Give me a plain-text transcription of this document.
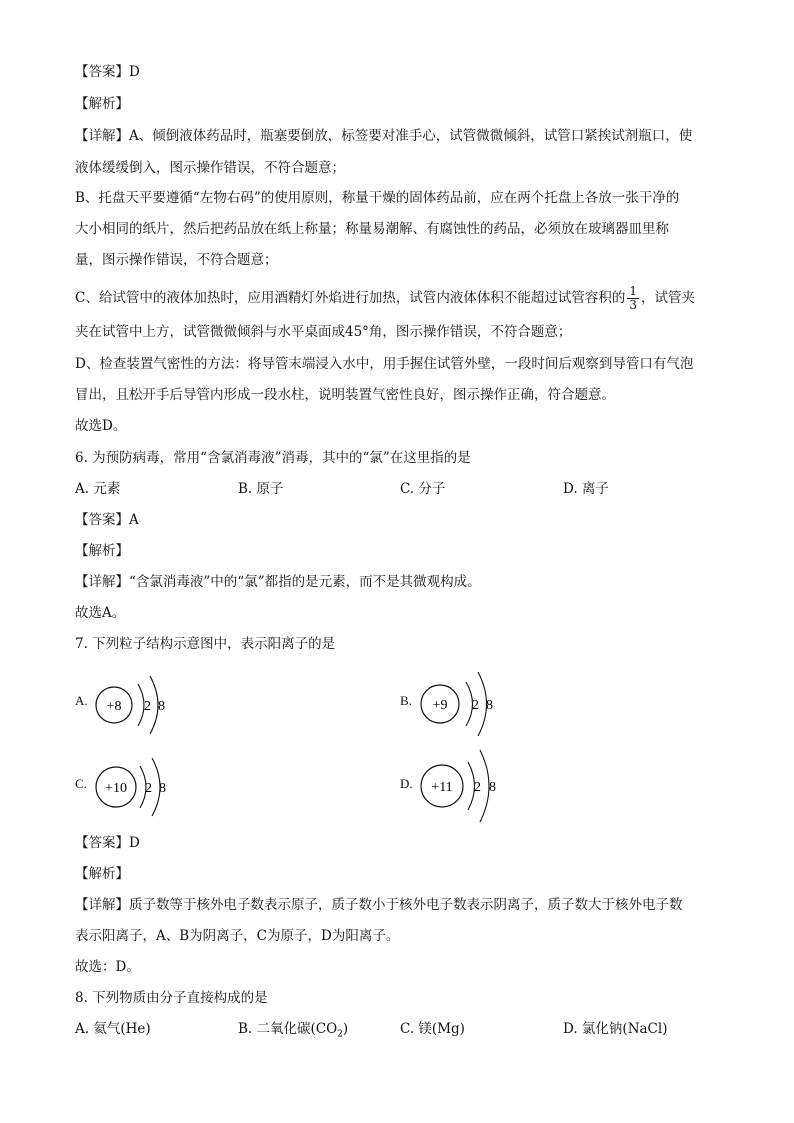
【答案】D
【解析】
【详解】A、倾倒液体药品时，瓶塞要倒放，标签要对准手心，试管微微倾斜，试管口紧挨试剂瓶口，使
液体缓缓倒入，图示操作错误，不符合题意；
B、托盘天平要遵循“左物右码”的使用原则，称量干燥的固体药品前，应在两个托盘上各放一张干净的
大小相同的纸片，然后把药品放在纸上称量；称量易潮解、有腐蚀性的药品，必须放在玻璃器皿里称
量，图示操作错误，不符合题意；
C、给试管中的液体加热时，应用酒精灯外焰进行加热，试管内液体体积不能超过试管容积的 $\frac{1}{3}$ ，试管夹
夹在试管中上方，试管微微倾斜与水平桌面成45°角，图示操作错误，不符合题意；
D、检查装置气密性的方法：将导管末端浸入水中，用手握住试管外壁，一段时间后观察到导管口有气泡
冒出，且松开手后导管内形成一段水柱，说明装置气密性良好，图示操作正确，符合题意。
故选D。
6. 为预防病毒，常用“含氯消毒液”消毒，其中的“氯”在这里指的是
A. 元素	B. 原子	C. 分子	D. 离子
【答案】A
【解析】
【详解】“含氯消毒液”中的“氯”都指的是元素，而不是其微观构成。
故选A。
7. 下列粒子结构示意图中，表示阳离子的是
A. +8 2 8	B. +9 2 8
C. +10 2 8	D. +11 2 8
【答案】D
【解析】
【详解】质子数等于核外电子数表示原子，质子数小于核外电子数表示阴离子，质子数大于核外电子数
表示阳离子，A、B为阴离子，C为原子，D为阳离子。
故选：D。
8. 下列物质由分子直接构成的是
A. 氦气(He)	B. 二氧化碳$(CO_2)$	C. 镁(Mg)	D. 氯化钠(NaCl)
